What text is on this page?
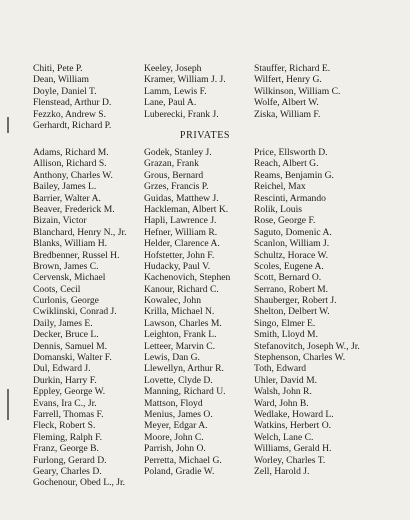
Chiti, Pete P.	Keeley, Joseph	Stauffer, Richard E.
Dean, William	Kramer, William J. J.	Wilfert, Henry G.
Doyle, Daniel T.	Lamm, Lewis F.	Wilkinson, William C.
Flenstead, Arthur D.	Lane, Paul A.	Wolfe, Albert W.
Fezzko, Andrew S.	Luberecki, Frank J.	Ziska, William F.
Gerhardt, Richard P.
PRIVATES
Adams, Richard M.	Godek, Stanley J.	Price, Ellsworth D.
Allison, Richard S.	Grazan, Frank	Reach, Albert G.
Anthony, Charles W.	Grous, Bernard	Reams, Benjamin G.
Bailey, James L.	Grzes, Francis P.	Reichel, Max
Barrier, Walter A.	Guidas, Matthew J.	Rescinti, Armando
Beaver, Frederick M.	Hackleman, Albert K.	Rolik, Louis
Bizain, Victor	Hapli, Lawrence J.	Rose, George F.
Blanchard, Henry N., Jr.	Hefner, William R.	Saguto, Domenic A.
Blanks, William H.	Helder, Clarence A.	Scanlon, William J.
Bredbenner, Russel H.	Hofstetter, John F.	Schultz, Horace W.
Brown, James C.	Hudacky, Paul V.	Scoles, Eugene A.
Cervensk, Michael	Kachenovich, Stephen	Scott, Bernard O.
Coots, Cecil	Kanour, Richard C.	Serrano, Robert M.
Curlonis, George	Kowalec, John	Shauberger, Robert J.
Cwiklinski, Conrad J.	Krilla, Michael N.	Shelton, Delbert W.
Daily, James E.	Lawson, Charles M.	Singo, Elmer E.
Decker, Bruce L.	Leighton, Frank L.	Smith, Lloyd M.
Dennis, Samuel M.	Letteer, Marvin C.	Stefanovitch, Joseph W., Jr.
Domanski, Walter F.	Lewis, Dan G.	Stephenson, Charles W.
Dul, Edward J.	Llewellyn, Arthur R.	Toth, Edward
Durkin, Harry F.	Lovette, Clyde D.	Uhler, David M.
Eppley, George W.	Manning, Richard U.	Walsh, John R.
Evans, Ira C., Jr.	Mattson, Floyd	Ward, John B.
Farrell, Thomas F.	Menius, James O.	Wedlake, Howard L.
Fleck, Robert S.	Meyer, Edgar A.	Watkins, Herbert O.
Fleming, Ralph F.	Moore, John C.	Welch, Lane C.
Franz, George B.	Parrish, John O.	Williams, Gerald H.
Furlong, Gerard D.	Perretta, Michael G.	Worley, Charles T.
Geary, Charles D.	Poland, Gradie W.	Zell, Harold J.
Gochenour, Obed L., Jr.
